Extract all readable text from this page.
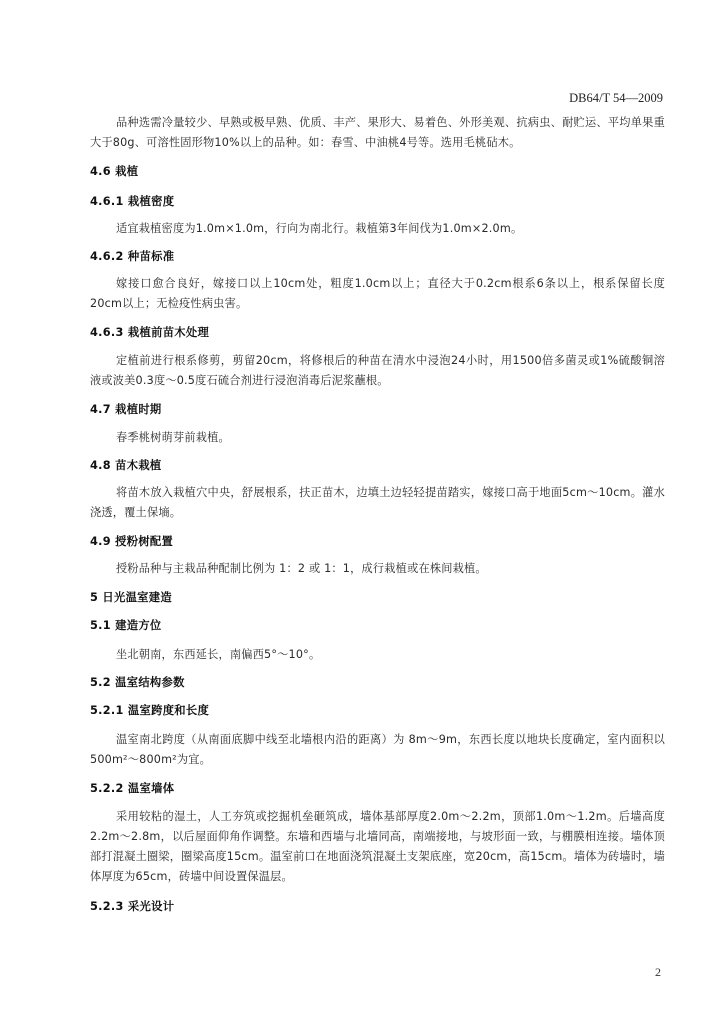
DB64/T 54—2009
品种选需冷量较少、早熟或极早熟、优质、丰产、果形大、易着色、外形美观、抗病虫、耐贮运、平均单果重大于80g、可溶性固形物10%以上的品种。如：春雪、中油桃4号等。选用毛桃砧木。
4.6 栽植
4.6.1 栽植密度
适宜栽植密度为1.0m×1.0m，行向为南北行。栽植第3年间伐为1.0m×2.0m。
4.6.2 种苗标准
嫁接口愈合良好，嫁接口以上10cm处，粗度1.0cm以上；直径大于0.2cm根系6条以上，根系保留长度20cm以上；无检疫性病虫害。
4.6.3 栽植前苗木处理
定植前进行根系修剪，剪留20cm，将修根后的种苗在清水中浸泡24小时，用1500倍多菌灵或1%硫酸铜溶液或波美0.3度～0.5度石硫合剂进行浸泡消毒后泥浆蘸根。
4.7 栽植时期
春季桃树萌芽前栽植。
4.8 苗木栽植
将苗木放入栽植穴中央，舒展根系，扶正苗木，边填土边轻轻提苗踏实，嫁接口高于地面5cm～10cm。灌水浇透，覆土保墒。
4.9 授粉树配置
授粉品种与主栽品种配制比例为 1：2 或 1：1，成行栽植或在株间栽植。
5 日光温室建造
5.1 建造方位
坐北朝南，东西延长，南偏西5°～10°。
5.2 温室结构参数
5.2.1 温室跨度和长度
温室南北跨度（从南面底脚中线至北墙根内沿的距离）为 8m～9m，东西长度以地块长度确定，室内面积以 500m²～800m²为宜。
5.2.2 温室墙体
采用较粘的湿土，人工夯筑或挖掘机垒砸筑成，墙体基部厚度2.0m～2.2m，顶部1.0m～1.2m。后墙高度2.2m～2.8m，以后屋面仰角作调整。东墙和西墙与北墙同高，南端接地，与坡形面一致，与棚膜相连接。墙体顶部打混凝土圈梁，圈梁高度15cm。温室前口在地面浇筑混凝土支架底座，宽20cm，高15cm。墙体为砖墙时，墙体厚度为65cm，砖墙中间设置保温层。
5.2.3 采光设计
2
